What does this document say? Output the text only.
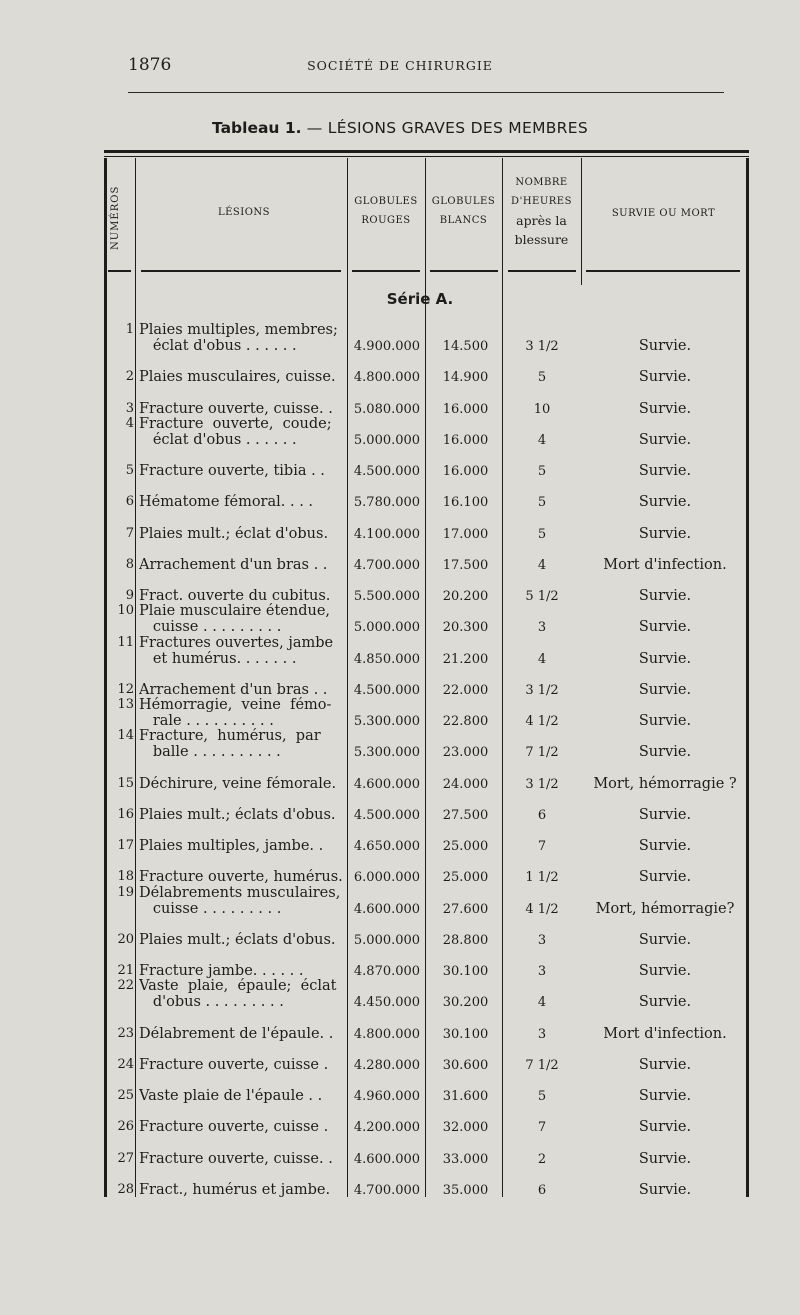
1876	SOCIÉTÉ DE CHIRURGIE
Tableau 1. — LÉSIONS GRAVES DES MEMBRES
NUMÉROS	LÉSIONS
GLOBULES
ROUGES
GLOBULES
BLANCS
NOMBRE
D'HEURES
après la
blessure
SURVIE OU MORT
Série A.
1 Plaies multiples, membres;
éclat d'obus . . . . . .	4.900.000	14.500	3 1/2	Survie.
2 Plaies musculaires, cuisse.	4.800.000	14.900	5	Survie.
3 Fracture ouverte, cuisse. .	5.080.000	16.000	10	Survie.
4 Fracture  ouverte,  coude;
éclat d'obus . . . . . .	5.000.000	16.000	4	Survie.
5 Fracture ouverte, tibia . .	4.500.000	16.000	5	Survie.
6 Hématome fémoral. . . .	5.780.000	16.100	5	Survie.
7 Plaies mult.; éclat d'obus.	4.100.000	17.000	5	Survie.
8 Arrachement d'un bras . .	4.700.000	17.500	4	Mort d'infection.
9 Fract. ouverte du cubitus.	5.500.000	20.200	5 1/2	Survie.
10 Plaie musculaire étendue,
cuisse . . . . . . . . .	5.000.000	20.300	3	Survie.
11 Fractures ouvertes, jambe
et humérus. . . . . . .	4.850.000	21.200	4	Survie.
12 Arrachement d'un bras . .	4.500.000	22.000	3 1/2	Survie.
13 Hémorragie,  veine  fémo-
rale . . . . . . . . . .	5.300.000	22.800	4 1/2	Survie.
14 Fracture,  humérus,  par
balle . . . . . . . . . .	5.300.000	23.000	7 1/2	Survie.
15 Déchirure, veine fémorale.	4.600.000	24.000	3 1/2	Mort, hémorragie ?
16 Plaies mult.; éclats d'obus.	4.500.000	27.500	6	Survie.
17 Plaies multiples, jambe. .	4.650.000	25.000	7	Survie.
18 Fracture ouverte, humérus. 6.000.000	25.000	1 1/2	Survie.
19 Délabrements musculaires,
cuisse . . . . . . . . .	4.600.000	27.600	4 1/2	Mort, hémorragie?
20 Plaies mult.; éclats d'obus.	5.000.000	28.800	3	Survie.
21 Fracture jambe. . . . . .	4.870.000	30.100	3	Survie.
22 Vaste  plaie,  épaule;  éclat
d'obus . . . . . . . . .	4.450.000	30.200	4	Survie.
23 Délabrement de l'épaule. .	4.800.000	30.100	3	Mort d'infection.
24 Fracture ouverte, cuisse .	4.280.000	30.600	7 1/2	Survie.
25 Vaste plaie de l'épaule . .	4.960.000	31.600	5	Survie.
26 Fracture ouverte, cuisse .	4.200.000	32.000	7	Survie.
27 Fracture ouverte, cuisse. .	4.600.000	33.000	2	Survie.
28 Fract., humérus et jambe.	4.700.000	35.000	6	Survie.
